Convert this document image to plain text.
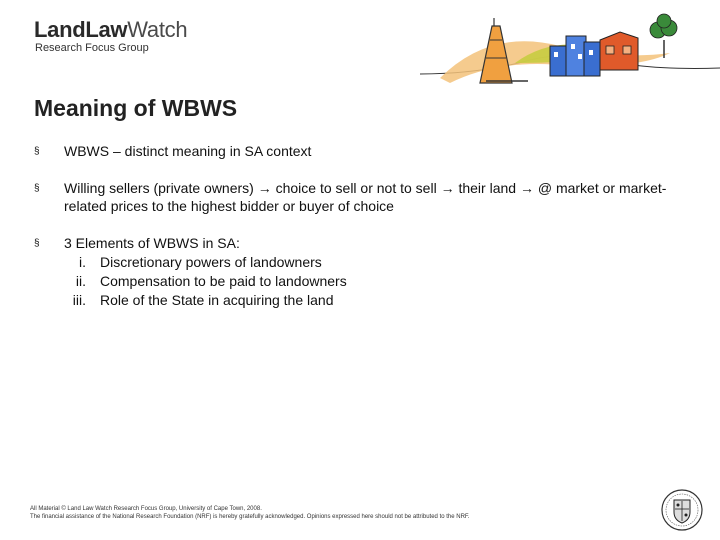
LandLawWatch
Research Focus Group
Meaning of WBWS
§ WBWS – distinct meaning in SA context
§ Willing sellers (private owners) → choice to sell or not to sell → their land → @ market or market-related prices to the highest bidder or buyer of choice
§ 3 Elements of WBWS in SA:
i. Discretionary powers of landowners
ii. Compensation to be paid to landowners
iii. Role of the State in acquiring the land
All Material © Land Law Watch Research Focus Group, University of Cape Town, 2008.
The financial assistance of the National Research Foundation (NRF) is hereby gratefully acknowledged. Opinions expressed here should not be attributed to the NRF.
